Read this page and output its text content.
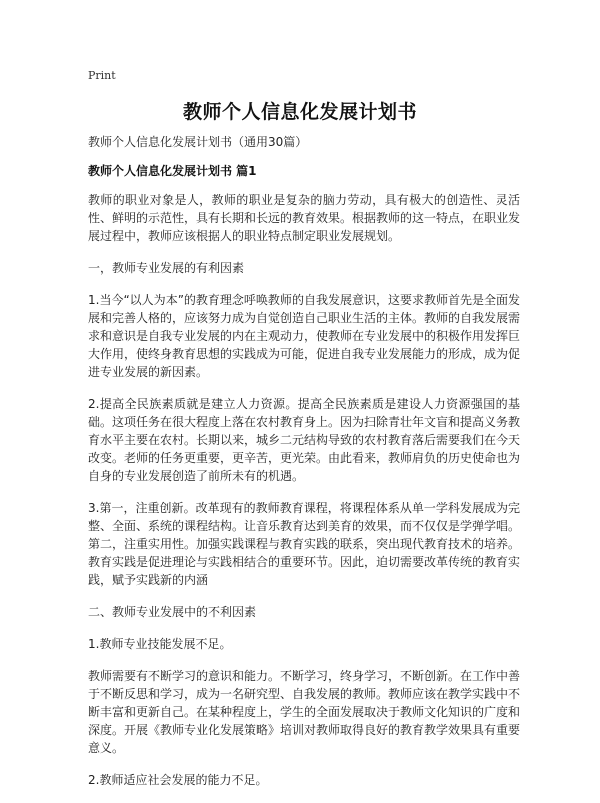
Print
教师个人信息化发展计划书

教师个人信息化发展计划书（通用30篇）

教师个人信息化发展计划书 篇1

教师的职业对象是人，教师的职业是复杂的脑力劳动，具有极大的创造性、灵活性、鲜明的示范性，具有长期和长远的教育效果。根据教师的这一特点，在职业发展过程中，教师应该根据人的职业特点制定职业发展规划。

一，教师专业发展的有利因素

1.当今“以人为本”的教育理念呼唤教师的自我发展意识，这要求教师首先是全面发展和完善人格的，应该努力成为自觉创造自己职业生活的主体。教师的自我发展需求和意识是自我专业发展的内在主观动力，使教师在专业发展中的积极作用发挥巨大作用，使终身教育思想的实践成为可能，促进自我专业发展能力的形成，成为促进专业发展的新因素。

2.提高全民族素质就是建立人力资源。提高全民族素质是建设人力资源强国的基础。这项任务在很大程度上落在农村教育身上。因为扫除青壮年文盲和提高义务教育水平主要在农村。长期以来，城乡二元结构导致的农村教育落后需要我们在今天改变。老师的任务更重要，更辛苦，更光荣。由此看来，教师肩负的历史使命也为自身的专业发展创造了前所未有的机遇。

3.第一，注重创新。改革现有的教师教育课程，将课程体系从单一学科发展成为完整、全面、系统的课程结构。让音乐教育达到美育的效果，而不仅仅是学弹学唱。第二，注重实用性。加强实践课程与教育实践的联系，突出现代教育技术的培养。教育实践是促进理论与实践相结合的重要环节。因此，迫切需要改革传统的教育实践，赋予实践新的内涵

二、教师专业发展中的不利因素

1.教师专业技能发展不足。

教师需要有不断学习的意识和能力。不断学习，终身学习，不断创新。在工作中善于不断反思和学习，成为一名研究型、自我发展的教师。教师应该在教学实践中不断丰富和更新自己。在某种程度上，学生的全面发展取决于教师文化知识的广度和深度。开展《教师专业化发展策略》培训对教师取得良好的教育教学效果具有重要意义。

2.教师适应社会发展的能力不足。
